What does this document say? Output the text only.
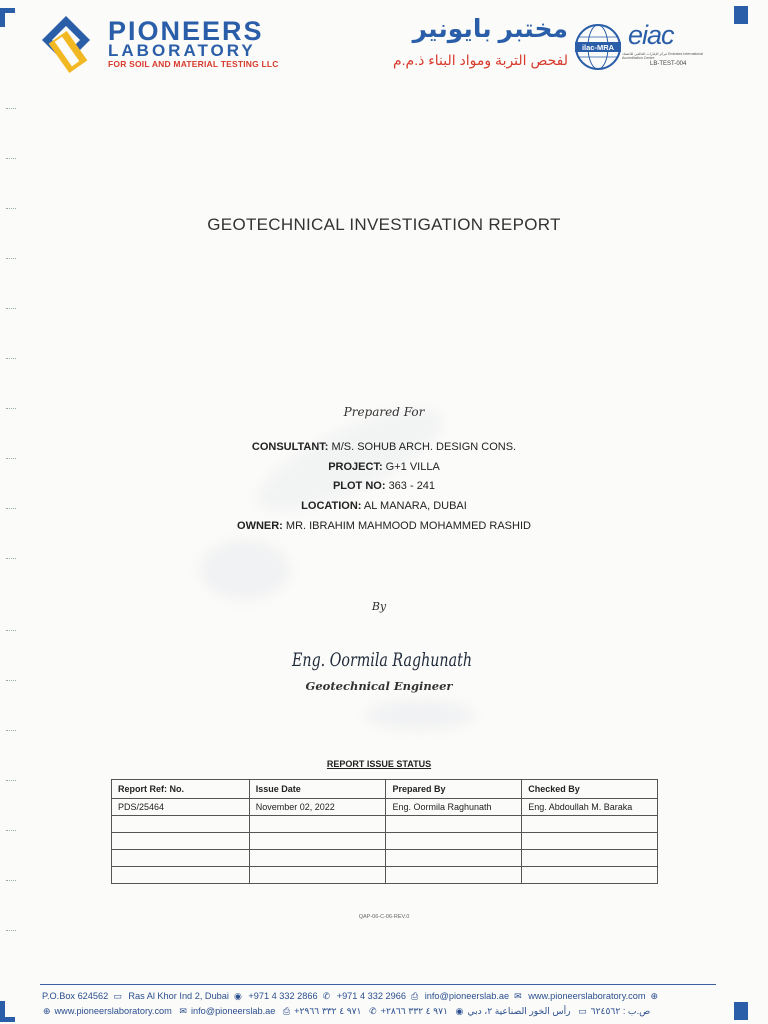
PIONEERS
LABORATORY
FOR SOIL AND MATERIAL TESTING LLC
مختبر بايونير
لفحص التربة ومواد البناء ذ.م.م
ilac-MRA eiac
مركز الإمارات العالمي للاعتماد Emirates International Accreditation Centre
LB-TEST-004
GEOTECHNICAL INVESTIGATION REPORT
Prepared For
CONSULTANT: M/S. SOHUB ARCH. DESIGN CONS.
PROJECT: G+1 VILLA
PLOT NO: 363 - 241
LOCATION: AL MANARA, DUBAI
OWNER: MR. IBRAHIM MAHMOOD MOHAMMED RASHID
By
Eng. Oormila Raghunath
Geotechnical Engineer
REPORT ISSUE STATUS
Report Ref: No.	Issue Date	Prepared By	Checked By
PDS/25464	November 02, 2022	Eng. Oormila Raghunath	Eng. Abdoullah M. Baraka

QAP-06-C-06-REV.0
P.O.Box 624562 ▭ Ras Al Khor Ind 2, Dubai ◉ +971 4 332 2866 ✆ +971 4 332 2966 ⎙ info@pioneerslab.ae ✉ www.pioneerslaboratory.com ⊕
⊕ www.pioneerslaboratory.com ✉ info@pioneerslab.ae ⎙ +٩٧١ ٤ ٣٣٢ ٢٩٦٦ ✆ +٩٧١ ٤ ٣٣٢ ٢٨٦٦ ◉ رأس الخور الصناعية ٢، دبي ▭ ص.ب : ٦٢٤٥٦٢
